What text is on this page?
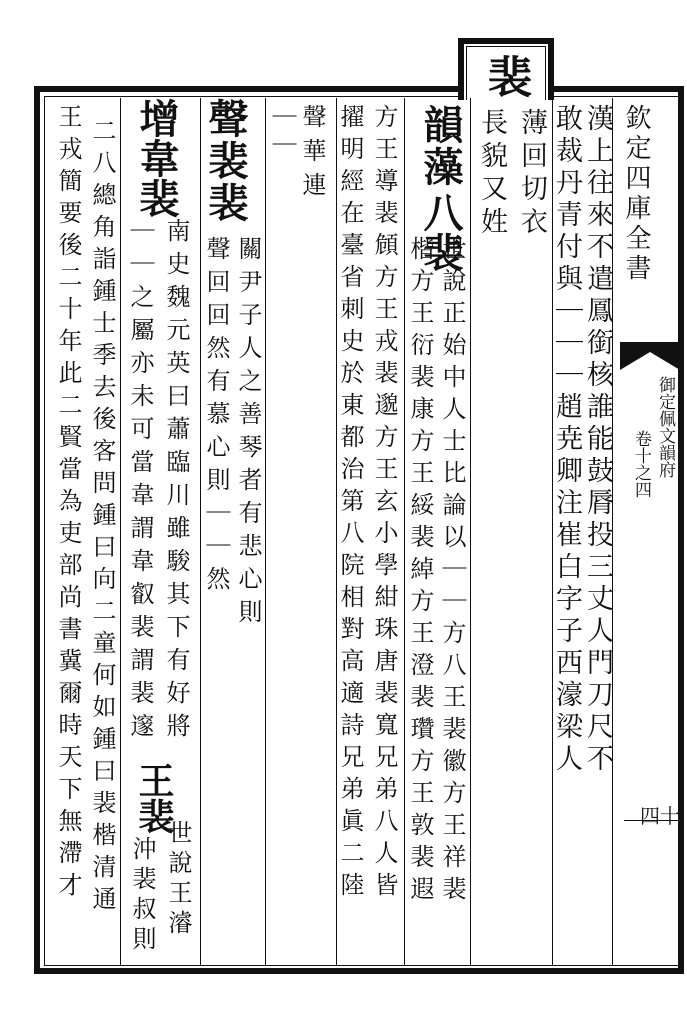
欽定四庫全書
御定佩文韻府
卷十之四
四十
裴
漢上往來不遣鳳銜核誰能鼓脣投三丈人門刀尺不
敢裁丹青付與｜｜｜趙尭卿注崔白字子西濠梁人
薄回切衣
長貌又姓
韻藻
八裴
世說正始中人士比論以｜｜方八王裴徽方王祥裴
楷方王衍裴康方王綏裴綽方王澄裴瓚方王敦裴遐
方王導裴頠方王戎裴邈方王玄小學紺珠唐裴寬兄弟八人皆
擢明經在臺省刺史於東都治第八院相對高適詩兄弟眞二陸
聲華連
｜｜
聲裴裴
關尹子人之善琴者有悲心則
聲回回然有慕心則｜｜然
增
韋裴
南史魏元英曰蕭臨川雖駿其下有好將
｜｜之屬亦未可當韋謂韋叡裴謂裴邃
王裴
世說王濬
沖裴叔則
二八總角詣鍾士季去後客問鍾曰向二童何如鍾曰裴楷清通
王戎簡要後二十年此二賢當為吏部尚書冀爾時天下無滯才
